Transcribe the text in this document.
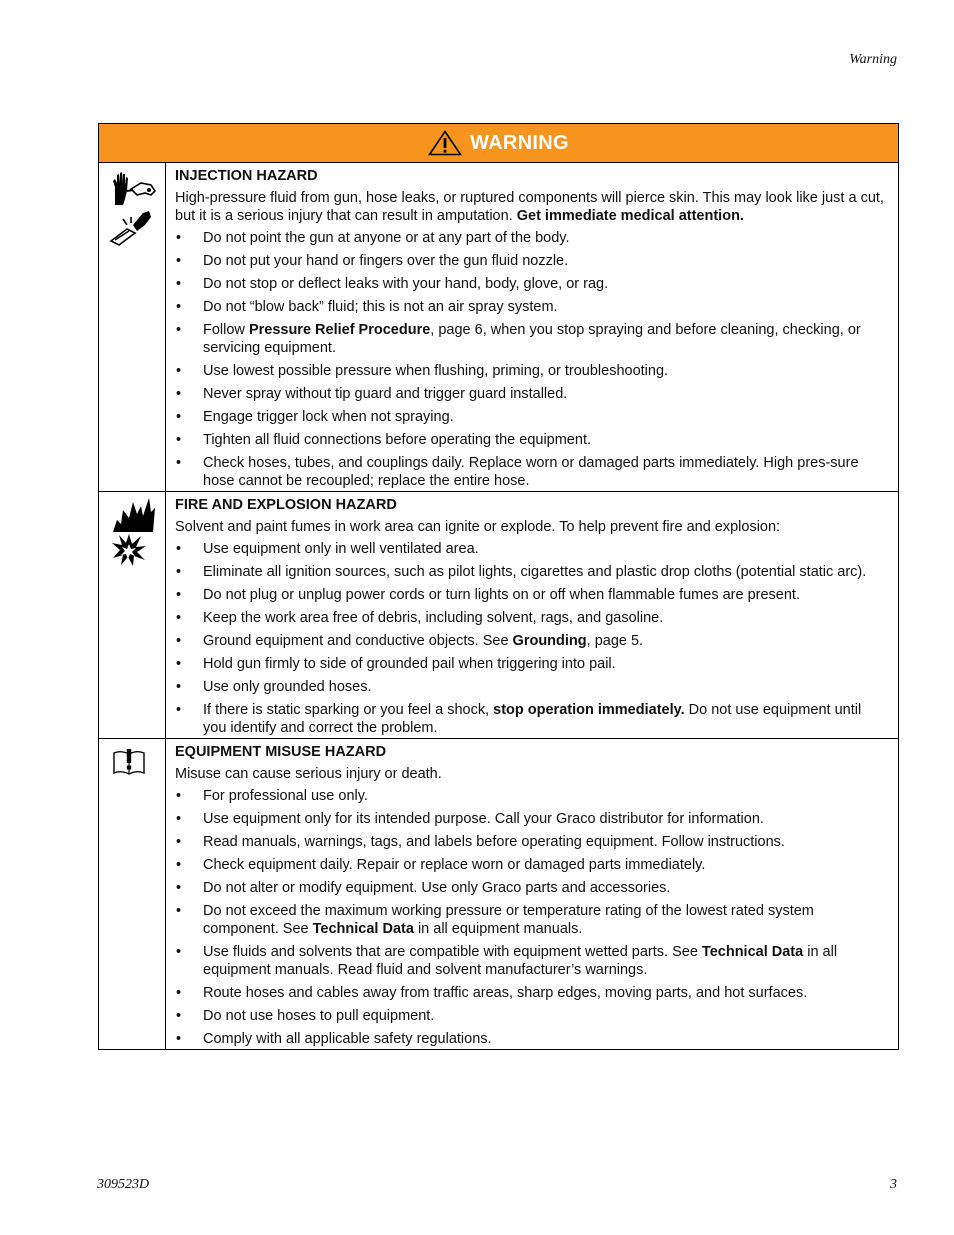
Warning
WARNING
INJECTION HAZARD

High-pressure fluid from gun, hose leaks, or ruptured components will pierce skin. This may look like just a cut, but it is a serious injury that can result in amputation. Get immediate medical attention.

• Do not point the gun at anyone or at any part of the body.
• Do not put your hand or fingers over the gun fluid nozzle.
• Do not stop or deflect leaks with your hand, body, glove, or rag.
• Do not “blow back” fluid; this is not an air spray system.
• Follow Pressure Relief Procedure, page 6, when you stop spraying and before cleaning, checking, or servicing equipment.
• Use lowest possible pressure when flushing, priming, or troubleshooting.
• Never spray without tip guard and trigger guard installed.
• Engage trigger lock when not spraying.
• Tighten all fluid connections before operating the equipment.
• Check hoses, tubes, and couplings daily. Replace worn or damaged parts immediately. High pres-sure hose cannot be recoupled; replace the entire hose.
FIRE AND EXPLOSION HAZARD

Solvent and paint fumes in work area can ignite or explode. To help prevent fire and explosion:

• Use equipment only in well ventilated area.
• Eliminate all ignition sources, such as pilot lights, cigarettes and plastic drop cloths (potential static arc).
• Do not plug or unplug power cords or turn lights on or off when flammable fumes are present.
• Keep the work area free of debris, including solvent, rags, and gasoline.
• Ground equipment and conductive objects. See Grounding, page 5.
• Hold gun firmly to side of grounded pail when triggering into pail.
• Use only grounded hoses.
• If there is static sparking or you feel a shock, stop operation immediately. Do not use equipment until you identify and correct the problem.
EQUIPMENT MISUSE HAZARD

Misuse can cause serious injury or death.

• For professional use only.
• Use equipment only for its intended purpose. Call your Graco distributor for information.
• Read manuals, warnings, tags, and labels before operating equipment. Follow instructions.
• Check equipment daily. Repair or replace worn or damaged parts immediately.
• Do not alter or modify equipment. Use only Graco parts and accessories.
• Do not exceed the maximum working pressure or temperature rating of the lowest rated system component. See Technical Data in all equipment manuals.
• Use fluids and solvents that are compatible with equipment wetted parts. See Technical Data in all equipment manuals. Read fluid and solvent manufacturer’s warnings.
• Route hoses and cables away from traffic areas, sharp edges, moving parts, and hot surfaces.
• Do not use hoses to pull equipment.
• Comply with all applicable safety regulations.
309523D	3
